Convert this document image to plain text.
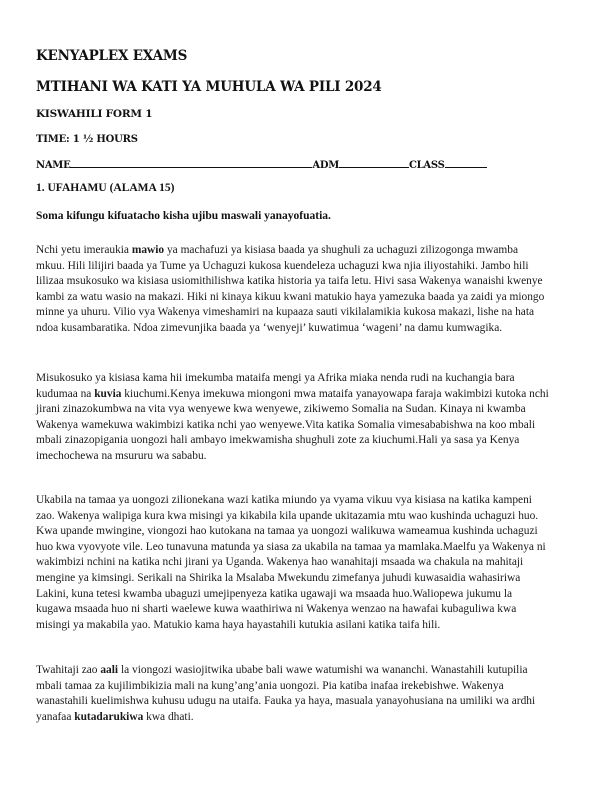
KENYAPLEX EXAMS
MTIHANI WA KATI YA MUHULA WA PILI 2024
KISWAHILI FORM 1
TIME: 1 ½ HOURS
NAME	ADM	CLASS
1. UFAHAMU (ALAMA 15)
Soma kifungu kifuatacho kisha ujibu maswali yanayofuatia.
Nchi yetu imeraukia mawio ya machafuzi ya kisiasa baada ya shughuli za uchaguzi zilizogonga mwamba
mkuu. Hili lilijiri baada ya Tume ya Uchaguzi kukosa kuendeleza uchaguzi kwa njia iliyostahiki. Jambo hili
lilizaa msukosuko wa kisiasa usiomithilishwa katika historia ya taifa letu. Hivi sasa Wakenya wanaishi kwenye
kambi za watu wasio na makazi. Hiki ni kinaya kikuu kwani matukio haya yamezuka baada ya zaidi ya miongo
minne ya uhuru. Vilio vya Wakenya vimeshamiri na kupaaza sauti vikilalamikia kukosa makazi, lishe na hata
ndoa kusambaratika. Ndoa zimevunjika baada ya ‘wenyeji’ kuwatimua ‘wageni’ na damu kumwagika.
Misukosuko ya kisiasa kama hii imekumba mataifa mengi ya Afrika miaka nenda rudi na kuchangia bara
kudumaa na kuvia kiuchumi.Kenya imekuwa miongoni mwa mataifa yanayowapa faraja wakimbizi kutoka nchi
jirani zinazokumbwa na vita vya wenyewe kwa wenyewe, zikiwemo Somalia na Sudan. Kinaya ni kwamba
Wakenya wamekuwa wakimbizi katika nchi yao wenyewe.Vita katika Somalia vimesababishwa na koo mbali
mbali zinazopigania uongozi hali ambayo imekwamisha shughuli zote za kiuchumi.Hali ya sasa ya Kenya
imechochewa na msururu wa sababu.
Ukabila na tamaa ya uongozi zilionekana wazi katika miundo ya vyama vikuu vya kisiasa na katika kampeni
zao. Wakenya walipiga kura kwa misingi ya kikabila kila upande ukitazamia mtu wao kushinda uchaguzi huo.
Kwa upande mwingine, viongozi hao kutokana na tamaa ya uongozi walikuwa wameamua kushinda uchaguzi
huo kwa vyovyote vile. Leo tunavuna matunda ya siasa za ukabila na tamaa ya mamlaka.Maelfu ya Wakenya ni
wakimbizi nchini na katika nchi jirani ya Uganda. Wakenya hao wanahitaji msaada wa chakula na mahitaji
mengine ya kimsingi. Serikali na Shirika la Msalaba Mwekundu zimefanya juhudi kuwasaidia wahasiriwa
Lakini, kuna tetesi kwamba ubaguzi umejipenyeza katika ugawaji wa msaada huo.Waliopewa jukumu la
kugawa msaada huo ni sharti waelewe kuwa waathiriwa ni Wakenya wenzao na hawafai kubaguliwa kwa
misingi ya makabila yao. Matukio kama haya hayastahili kutukia asilani katika taifa hili.
Twahitaji zao aali la viongozi wasiojitwika ubabe bali wawe watumishi wa wananchi. Wanastahili kutupilia
mbali tamaa za kujilimbikizia mali na kung’ang’ania uongozi. Pia katiba inafaa irekebishwe. Wakenya
wanastahili kuelimishwa kuhusu udugu na utaifa. Fauka ya haya, masuala yanayohusiana na umiliki wa ardhi
yanafaa kutadarukiwa kwa dhati.
